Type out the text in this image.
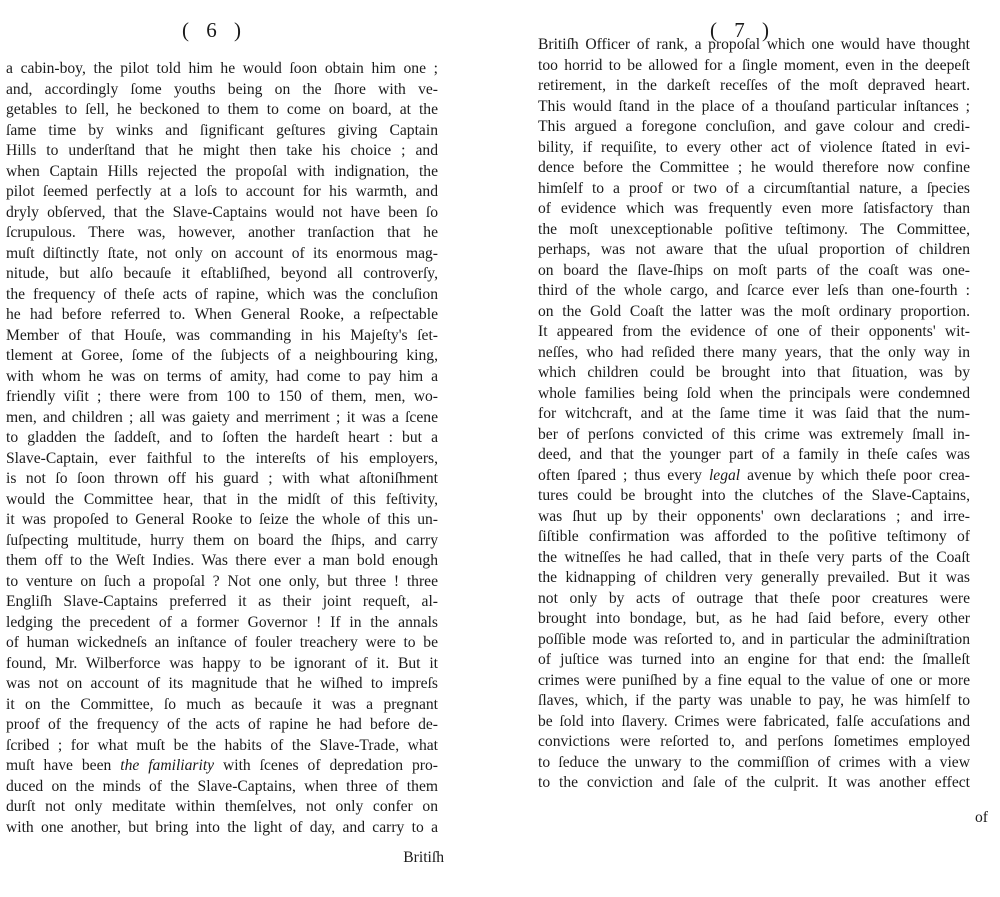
( 6 )
a cabin-boy, the pilot told him he would ſoon obtain him one ;
and, accordingly ſome youths being on the ſhore with ve-
getables to ſell, he beckoned to them to come on board, at the
ſame time by winks and ſignificant geſtures giving Captain
Hills to underſtand that he might then take his choice ; and
when Captain Hills rejected the propoſal with indignation, the
pilot ſeemed perfectly at a loſs to account for his warmth, and
dryly obſerved, that the Slave-Captains would not have been ſo
ſcrupulous. There was, however, another tranſaction that he
muſt diſtinctly ſtate, not only on account of its enormous mag-
nitude, but alſo becauſe it eſtabliſhed, beyond all controverſy,
the frequency of theſe acts of rapine, which was the concluſion
he had before referred to. When General Rooke, a reſpectable
Member of that Houſe, was commanding in his Majeſty's ſet-
tlement at Goree, ſome of the ſubjects of a neighbouring king,
with whom he was on terms of amity, had come to pay him a
friendly viſit ; there were from 100 to 150 of them, men, wo-
men, and children ; all was gaiety and merriment ; it was a ſcene
to gladden the ſaddeſt, and to ſoften the hardeſt heart : but a
Slave-Captain, ever faithful to the intereſts of his employers,
is not ſo ſoon thrown off his guard ; with what aſtoniſhment
would the Committee hear, that in the midſt of this feſtivity,
it was propoſed to General Rooke to ſeize the whole of this un-
ſuſpecting multitude, hurry them on board the ſhips, and carry
them off to the Weſt Indies. Was there ever a man bold enough
to venture on ſuch a propoſal ? Not one only, but three ! three
Engliſh Slave-Captains preferred it as their joint requeſt, al-
ledging the precedent of a former Governor ! If in the annals
of human wickedneſs an inſtance of fouler treachery were to be
found, Mr. Wilberforce was happy to be ignorant of it. But it
was not on account of its magnitude that he wiſhed to impreſs
it on the Committee, ſo much as becauſe it was a pregnant
proof of the frequency of the acts of rapine he had before de-
ſcribed ; for what muſt be the habits of the Slave-Trade, what
muſt have been the familiarity with ſcenes of depredation pro-
duced on the minds of the Slave-Captains, when three of them
durſt not only meditate within themſelves, not only confer on
with one another, but bring into the light of day, and carry to a
Britiſh
( 7 )
Britiſh Officer of rank, a propoſal which one would have thought
too horrid to be allowed for a ſingle moment, even in the deepeſt
retirement, in the darkeſt receſſes of the moſt depraved heart.
This would ſtand in the place of a thouſand particular inſtances ;
This argued a foregone concluſion, and gave colour and credi-
bility, if requiſite, to every other act of violence ſtated in evi-
dence before the Committee ; he would therefore now confine
himſelf to a proof or two of a circumſtantial nature, a ſpecies
of evidence which was frequently even more ſatisfactory than
the moſt unexceptionable poſitive teſtimony. The Committee,
perhaps, was not aware that the uſual proportion of children
on board the ſlave-ſhips on moſt parts of the coaſt was one-
third of the whole cargo, and ſcarce ever leſs than one-fourth :
on the Gold Coaſt the latter was the moſt ordinary proportion.
It appeared from the evidence of one of their opponents' wit-
neſſes, who had reſided there many years, that the only way in
which children could be brought into that ſituation, was by
whole families being ſold when the principals were condemned
for witchcraft, and at the ſame time it was ſaid that the num-
ber of perſons convicted of this crime was extremely ſmall in-
deed, and that the younger part of a family in theſe caſes was
often ſpared ; thus every legal avenue by which theſe poor crea-
tures could be brought into the clutches of the Slave-Captains,
was ſhut up by their opponents' own declarations ; and irre-
ſiſtible confirmation was afforded to the poſitive teſtimony of
the witneſſes he had called, that in theſe very parts of the Coaſt
the kidnapping of children very generally prevailed. But it was
not only by acts of outrage that theſe poor creatures were
brought into bondage, but, as he had ſaid before, every other
poſſible mode was reſorted to, and in particular the adminiſtration
of juſtice was turned into an engine for that end: the ſmalleſt
crimes were puniſhed by a fine equal to the value of one or more
ſlaves, which, if the party was unable to pay, he was himſelf to
be ſold into ſlavery. Crimes were fabricated, falſe accuſations and
convictions were reſorted to, and perſons ſometimes employed
to ſeduce the unwary to the commiſſion of crimes with a view
to the conviction and ſale of the culprit. It was another effect
of
